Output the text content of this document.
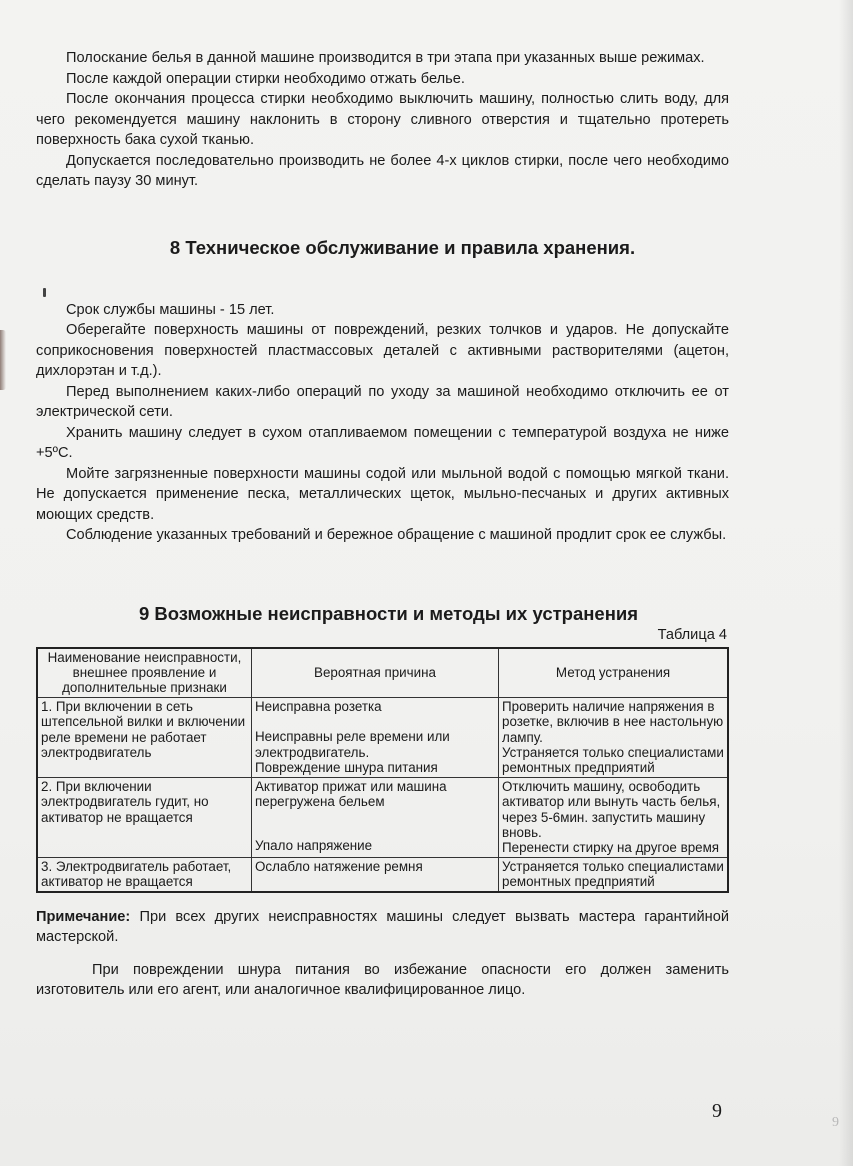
Полоскание белья в данной машине производится в три этапа при указанных выше режимах.

После каждой операции стирки необходимо отжать белье.

После окончания процесса стирки необходимо выключить машину, полностью слить воду, для чего рекомендуется машину наклонить в сторону сливного отверстия и тщательно протереть поверхность бака сухой тканью.

Допускается последовательно производить не более 4-х циклов стирки, после чего необходимо сделать паузу 30 минут.

8 Техническое обслуживание и правила хранения.

Срок службы машины - 15 лет.

Оберегайте поверхность машины от повреждений, резких толчков и ударов. Не допускайте соприкосновения поверхностей пластмассовых деталей с активными растворителями (ацетон, дихлорэтан и т.д.).

Перед выполнением каких-либо операций по уходу за машиной необходимо отключить ее от электрической сети.

Хранить машину следует в сухом отапливаемом помещении с температурой воздуха не ниже +5ºС.

Мойте загрязненные поверхности машины содой или мыльной водой с помощью мягкой ткани. Не допускается применение песка, металлических щеток, мыльно-песчаных и других активных моющих средств.

Соблюдение указанных требований и бережное обращение с машиной продлит срок ее службы.

9 Возможные неисправности и методы их устранения
Таблица 4
Наименование неисправности, внешнее проявление и дополнительные признаки	Вероятная причина	Метод устранения
1. При включении в сеть штепсельной вилки и включении реле времени не работает электродвигатель	Неисправна розетка
Неисправны реле времени или электродвигатель.
Повреждение шнура питания	Проверить наличие напряжения в розетке, включив в нее настольную лампу.
Устраняется только специалистами ремонтных предприятий
2. При включении электродвигатель гудит, но активатор не вращается	Активатор прижат или машина перегружена бельем
Упало напряжение	Отключить машину, освободить активатор или вынуть часть белья, через 5-6мин. запустить машину вновь.
Перенести стирку на другое время
3. Электродвигатель работает, активатор не вращается	Ослабло натяжение ремня	Устраняется только специалистами ремонтных предприятий

Примечание: При всех других неисправностях машины следует вызвать мастера гарантийной мастерской.

При повреждении шнура питания во избежание опасности его должен заменить изготовитель или его агент, или аналогичное квалифицированное лицо.

9
9
